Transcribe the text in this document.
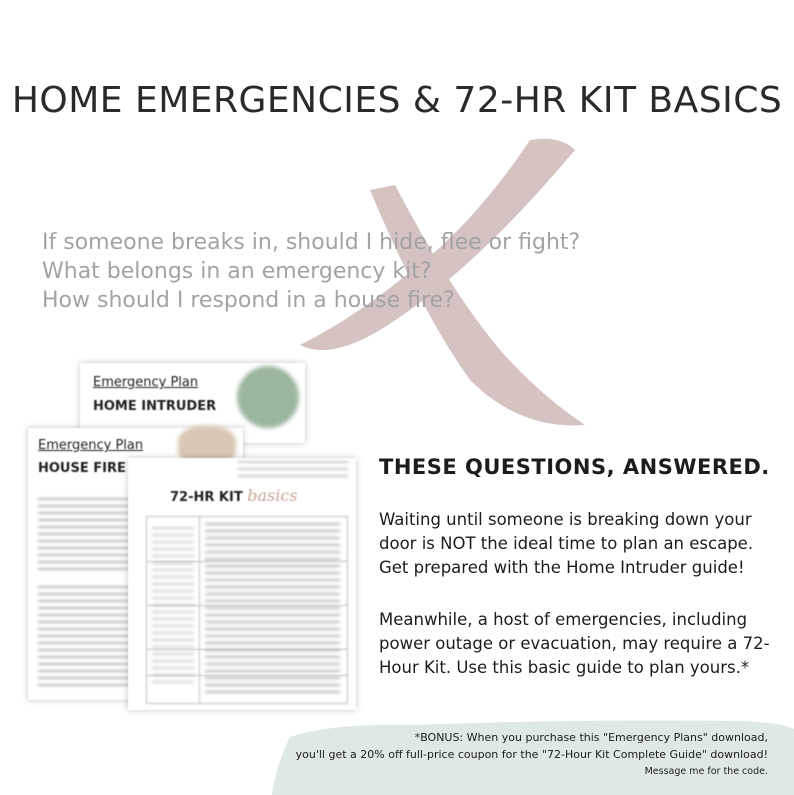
HOME EMERGENCIES & 72-HR KIT BASICS
If someone breaks in, should I hide, flee or fight?
What belongs in an emergency kit?
How should I respond in a house fire?
Emergency Plan
HOME INTRUDER
Emergency Plan
HOUSE FIRE
72-HR KIT basics
THESE QUESTIONS, ANSWERED.
Waiting until someone is breaking down your door is NOT the ideal time to plan an escape. Get prepared with the Home Intruder guide!
Meanwhile, a host of emergencies, including power outage or evacuation, may require a 72-Hour Kit. Use this basic guide to plan yours.*
*BONUS: When you purchase this "Emergency Plans" download,
you'll get a 20% off full-price coupon for the "72-Hour Kit Complete Guide" download!
Message me for the code.
